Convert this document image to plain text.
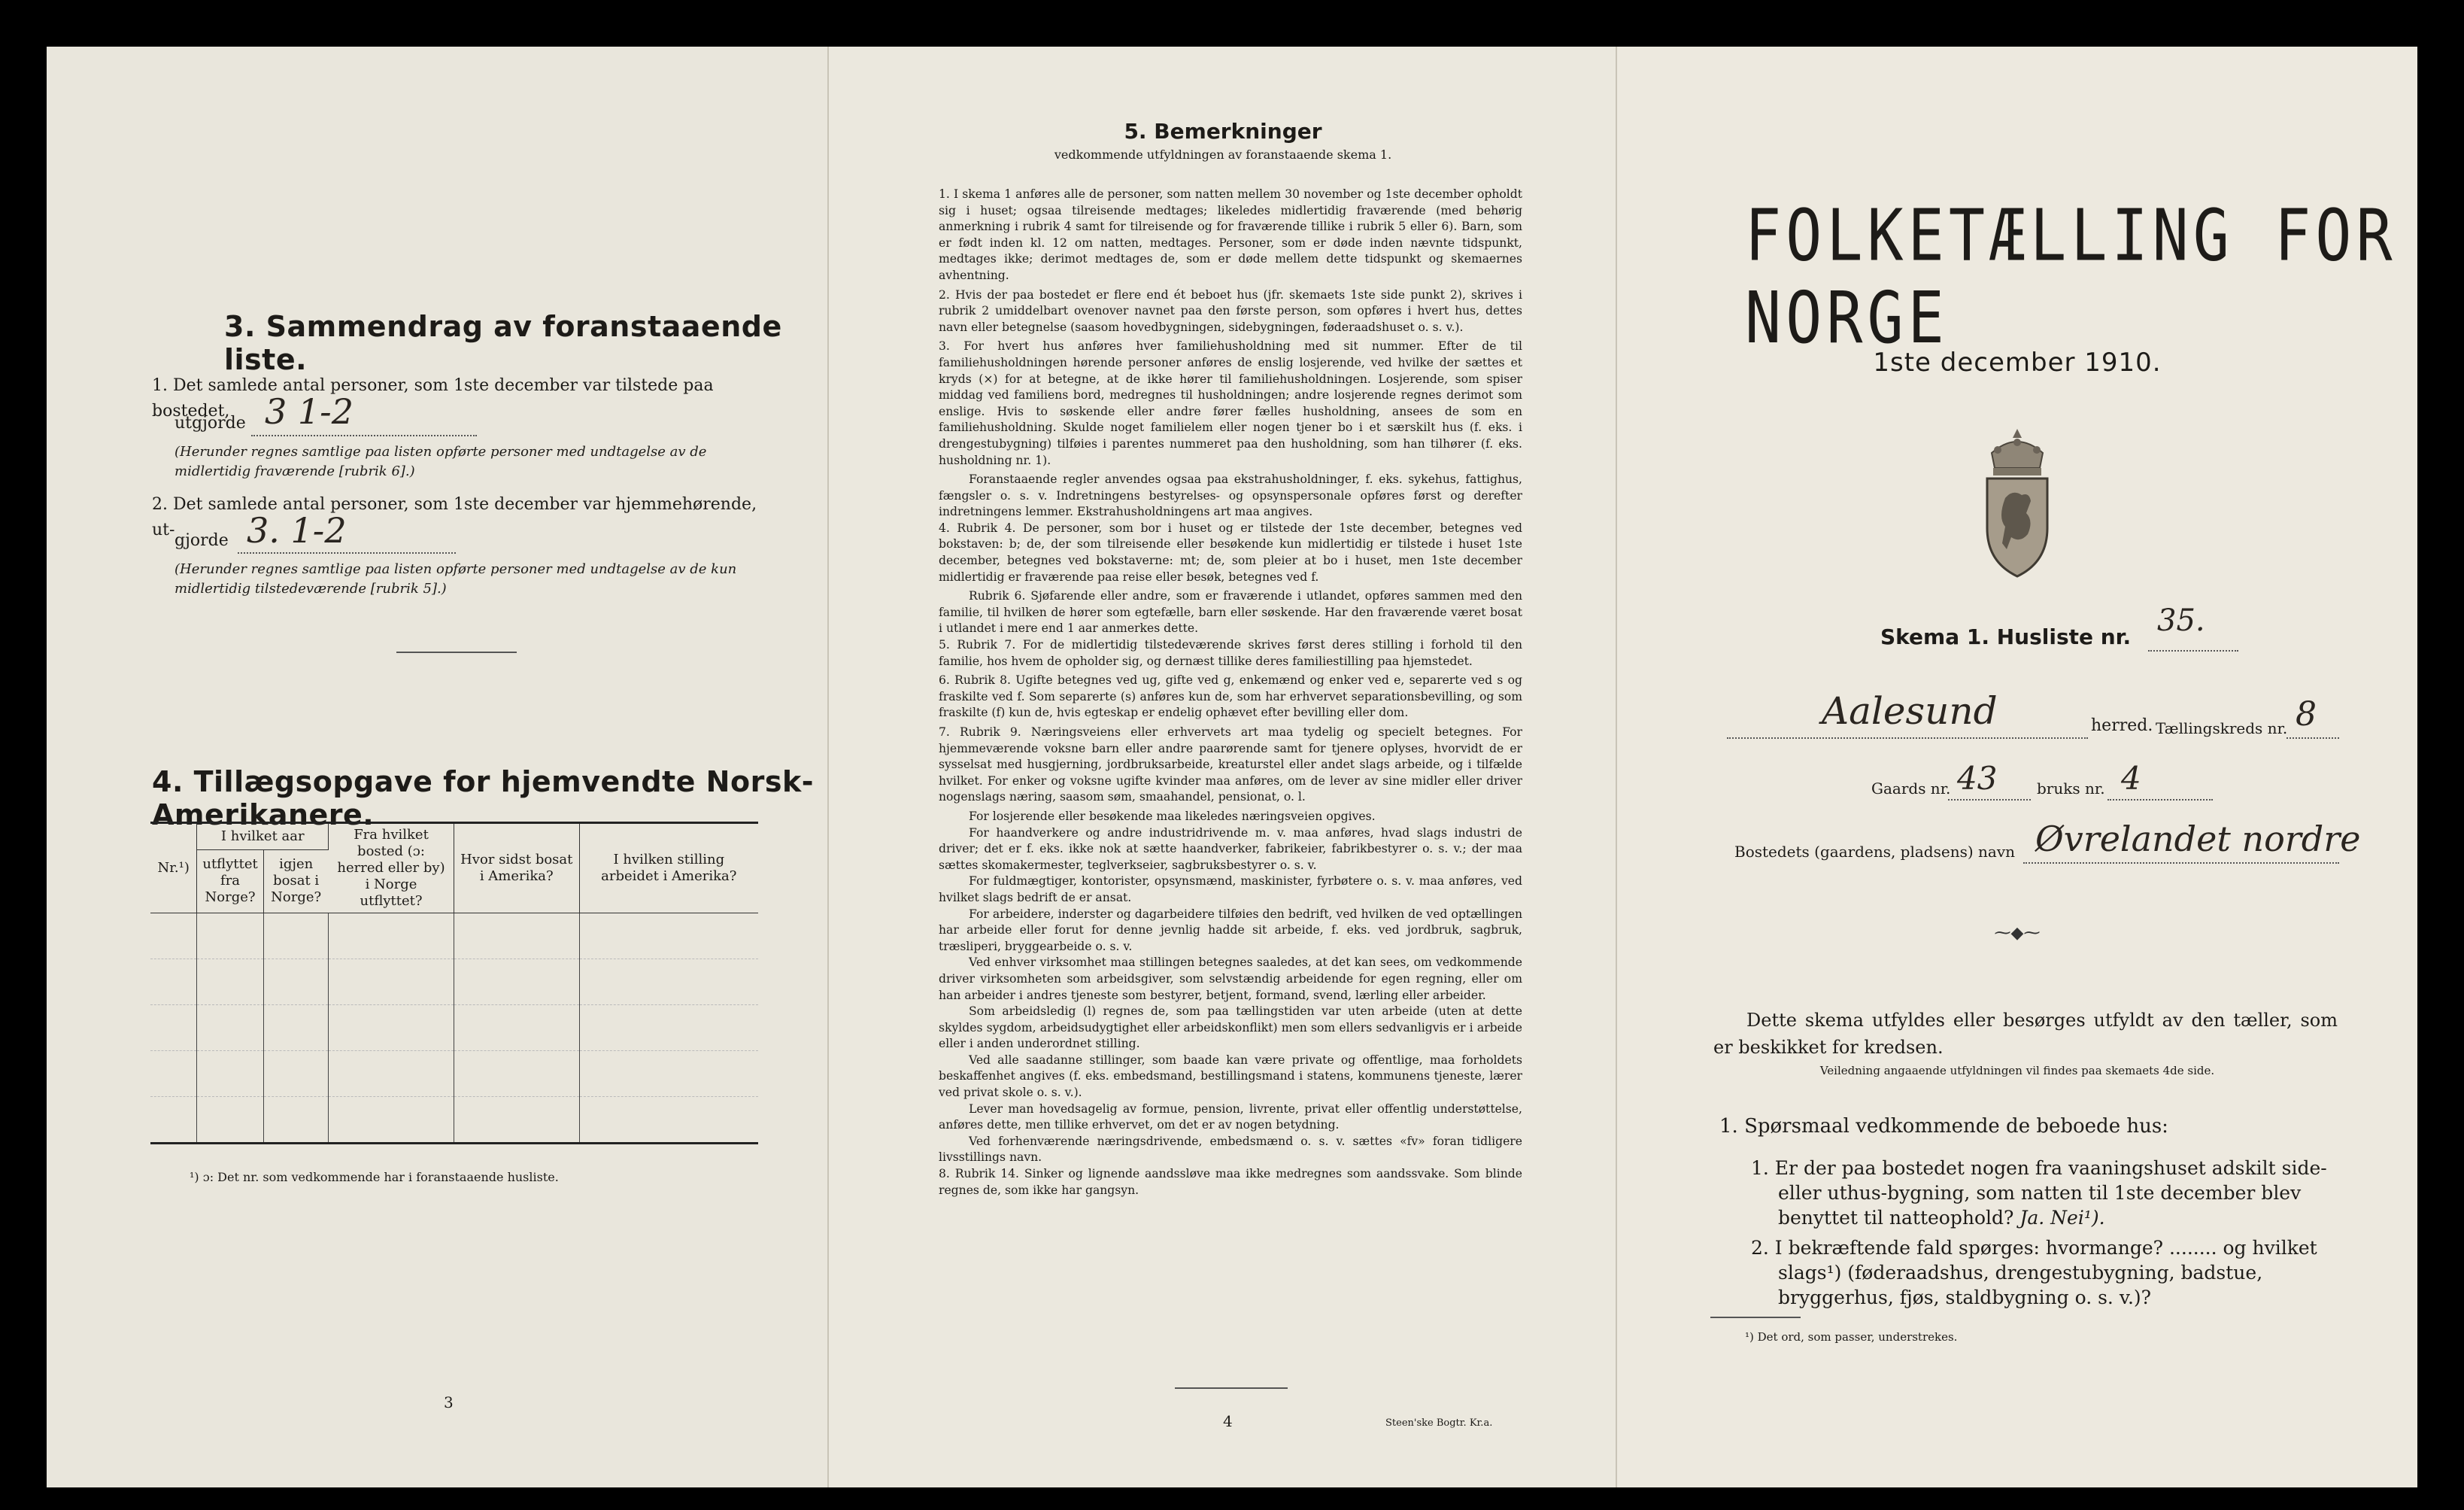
3. Sammendrag av foranstaaende liste.
1. Det samlede antal personer, som 1ste december var tilstede paa bostedet,
utgjorde 3 1-2
(Herunder regnes samtlige paa listen opførte personer med undtagelse av de midlertidig fraværende [rubrik 6].)
2. Det samlede antal personer, som 1ste december var hjemmehørende, ut-
gjorde 3. 1-2
(Herunder regnes samtlige paa listen opførte personer med undtagelse av de kun midlertidig tilstedeværende [rubrik 5].)
4. Tillægsopgave for hjemvendte Norsk-Amerikanere.
Nr.¹)	I hvilket aar		Fra hvilket bosted (ɔ: herred eller by) i Norge utflyttet?	Hvor sidst bosat i Amerika?	I hvilken stilling arbeidet i Amerika?
	utflyttet fra Norge?	igjen bosat i Norge?			

¹) ɔ: Det nr. som vedkommende har i foranstaaende husliste.
3
5. Bemerkninger
vedkommende utfyldningen av foranstaaende skema 1.
1. I skema 1 anføres alle de personer, som natten mellem 30 november og 1ste december opholdt sig i huset; ogsaa tilreisende medtages; likeledes midlertidig fraværende (med behørig anmerkning i rubrik 4 samt for tilreisende og for fraværende tillike i rubrik 5 eller 6). Barn, som er født inden kl. 12 om natten, medtages. Personer, som er døde inden nævnte tidspunkt, medtages ikke; derimot medtages de, som er døde mellem dette tidspunkt og skemaernes avhentning.
2. Hvis der paa bostedet er flere end ét beboet hus (jfr. skemaets 1ste side punkt 2), skrives i rubrik 2 umiddelbart ovenover navnet paa den første person, som opføres i hvert hus, dettes navn eller betegnelse (saasom hovedbygningen, sidebygningen, føderaadshuset o. s. v.).
3. For hvert hus anføres hver familiehusholdning med sit nummer. Efter de til familiehusholdningen hørende personer anføres de enslig losjerende, ved hvilke der sættes et kryds (×) for at betegne, at de ikke hører til familiehusholdningen. Losjerende, som spiser middag ved familiens bord, medregnes til husholdningen; andre losjerende regnes derimot som enslige. Hvis to søskende eller andre fører fælles husholdning, ansees de som en familiehusholdning. Skulde noget familielem eller nogen tjener bo i et særskilt hus (f. eks. i drengestubygning) tilføies i parentes nummeret paa den husholdning, som han tilhører (f. eks. husholdning nr. 1).

Foranstaaende regler anvendes ogsaa paa ekstrahusholdninger, f. eks. sykehus, fattighus, fængsler o. s. v. Indretningens bestyrelses- og opsynspersonale opføres først og derefter indretningens lemmer. Ekstrahusholdningens art maa angives.

4. Rubrik 4. De personer, som bor i huset og er tilstede der 1ste december, betegnes ved bokstaven: b; de, der som tilreisende eller besøkende kun midlertidig er tilstede i huset 1ste december, betegnes ved bokstaverne: mt; de, som pleier at bo i huset, men 1ste december midlertidig er fraværende paa reise eller besøk, betegnes ved f.

Rubrik 6. Sjøfarende eller andre, som er fraværende i utlandet, opføres sammen med den familie, til hvilken de hører som egtefælle, barn eller søskende. Har den fraværende været bosat i utlandet i mere end 1 aar anmerkes dette.

5. Rubrik 7. For de midlertidig tilstedeværende skrives først deres stilling i forhold til den familie, hos hvem de opholder sig, og dernæst tillike deres familiestilling paa hjemstedet.
6. Rubrik 8. Ugifte betegnes ved ug, gifte ved g, enkemænd og enker ved e, separerte ved s og fraskilte ved f. Som separerte (s) anføres kun de, som har erhvervet separationsbevilling, og som fraskilte (f) kun de, hvis egteskap er endelig ophævet efter bevilling eller dom.
7. Rubrik 9. Næringsveiens eller erhvervets art maa tydelig og specielt betegnes. For hjemmeværende voksne barn eller andre paarørende samt for tjenere oplyses, hvorvidt de er sysselsat med husgjerning, jordbruksarbeide, kreaturstel eller andet slags arbeide, og i tilfælde hvilket. For enker og voksne ugifte kvinder maa anføres, om de lever av sine midler eller driver nogenslags næring, saasom søm, smaahandel, pensionat, o. l.

For losjerende eller besøkende maa likeledes næringsveien opgives.

For haandverkere og andre industridrivende m. v. maa anføres, hvad slags industri de driver; det er f. eks. ikke nok at sætte haandverker, fabrikeier, fabrikbestyrer o. s. v.; der maa sættes skomakermester, teglverkseier, sagbruksbestyrer o. s. v.

For fuldmægtiger, kontorister, opsynsmænd, maskinister, fyrbøtere o. s. v. maa anføres, ved hvilket slags bedrift de er ansat.

For arbeidere, inderster og dagarbeidere tilføies den bedrift, ved hvilken de ved optællingen har arbeide eller forut for denne jevnlig hadde sit arbeide, f. eks. ved jordbruk, sagbruk, træsliperi, bryggearbeide o. s. v.

Ved enhver virksomhet maa stillingen betegnes saaledes, at det kan sees, om vedkommende driver virksomheten som arbeidsgiver, som selvstændig arbeidende for egen regning, eller om han arbeider i andres tjeneste som bestyrer, betjent, formand, svend, lærling eller arbeider.

Som arbeidsledig (l) regnes de, som paa tællingstiden var uten arbeide (uten at dette skyldes sygdom, arbeidsudygtighet eller arbeidskonflikt) men som ellers sedvanligvis er i arbeide eller i anden underordnet stilling.

Ved alle saadanne stillinger, som baade kan være private og offentlige, maa forholdets beskaffenhet angives (f. eks. embedsmand, bestillingsmand i statens, kommunens tjeneste, lærer ved privat skole o. s. v.).

Lever man hovedsagelig av formue, pension, livrente, privat eller offentlig understøttelse, anføres dette, men tillike erhvervet, om det er av nogen betydning.

Ved forhenværende næringsdrivende, embedsmænd o. s. v. sættes «fv» foran tidligere livsstillings navn.

8. Rubrik 14. Sinker og lignende aandssløve maa ikke medregnes som aandssvake. Som blinde regnes de, som ikke har gangsyn.
4	Steen'ske Bogtr. Kr.a.
FOLKETÆLLING FOR NORGE
1ste december 1910.
Skema 1. Husliste nr. 35.
Aalesund	herred. Tællingskreds nr. 8
Gaards nr. 43	bruks nr. 4
Bostedets (gaardens, pladsens) navn Øvrelandet nordre
⁓◆⁓
Dette skema utfyldes eller besørges utfyldt av den tæller, som er beskikket for kredsen.
Veiledning angaaende utfyldningen vil findes paa skemaets 4de side.
1. Spørsmaal vedkommende de beboede hus:
1. Er der paa bostedet nogen fra vaaningshuset adskilt side- eller uthus-bygning, som natten til 1ste december blev benyttet til natteophold? Ja. Nei¹).
2. I bekræftende fald spørges: hvormange? ........ og hvilket slags¹) (føderaadshus, drengestubygning, badstue, bryggerhus, fjøs, staldbygning o. s. v.)?
¹) Det ord, som passer, understrekes.
